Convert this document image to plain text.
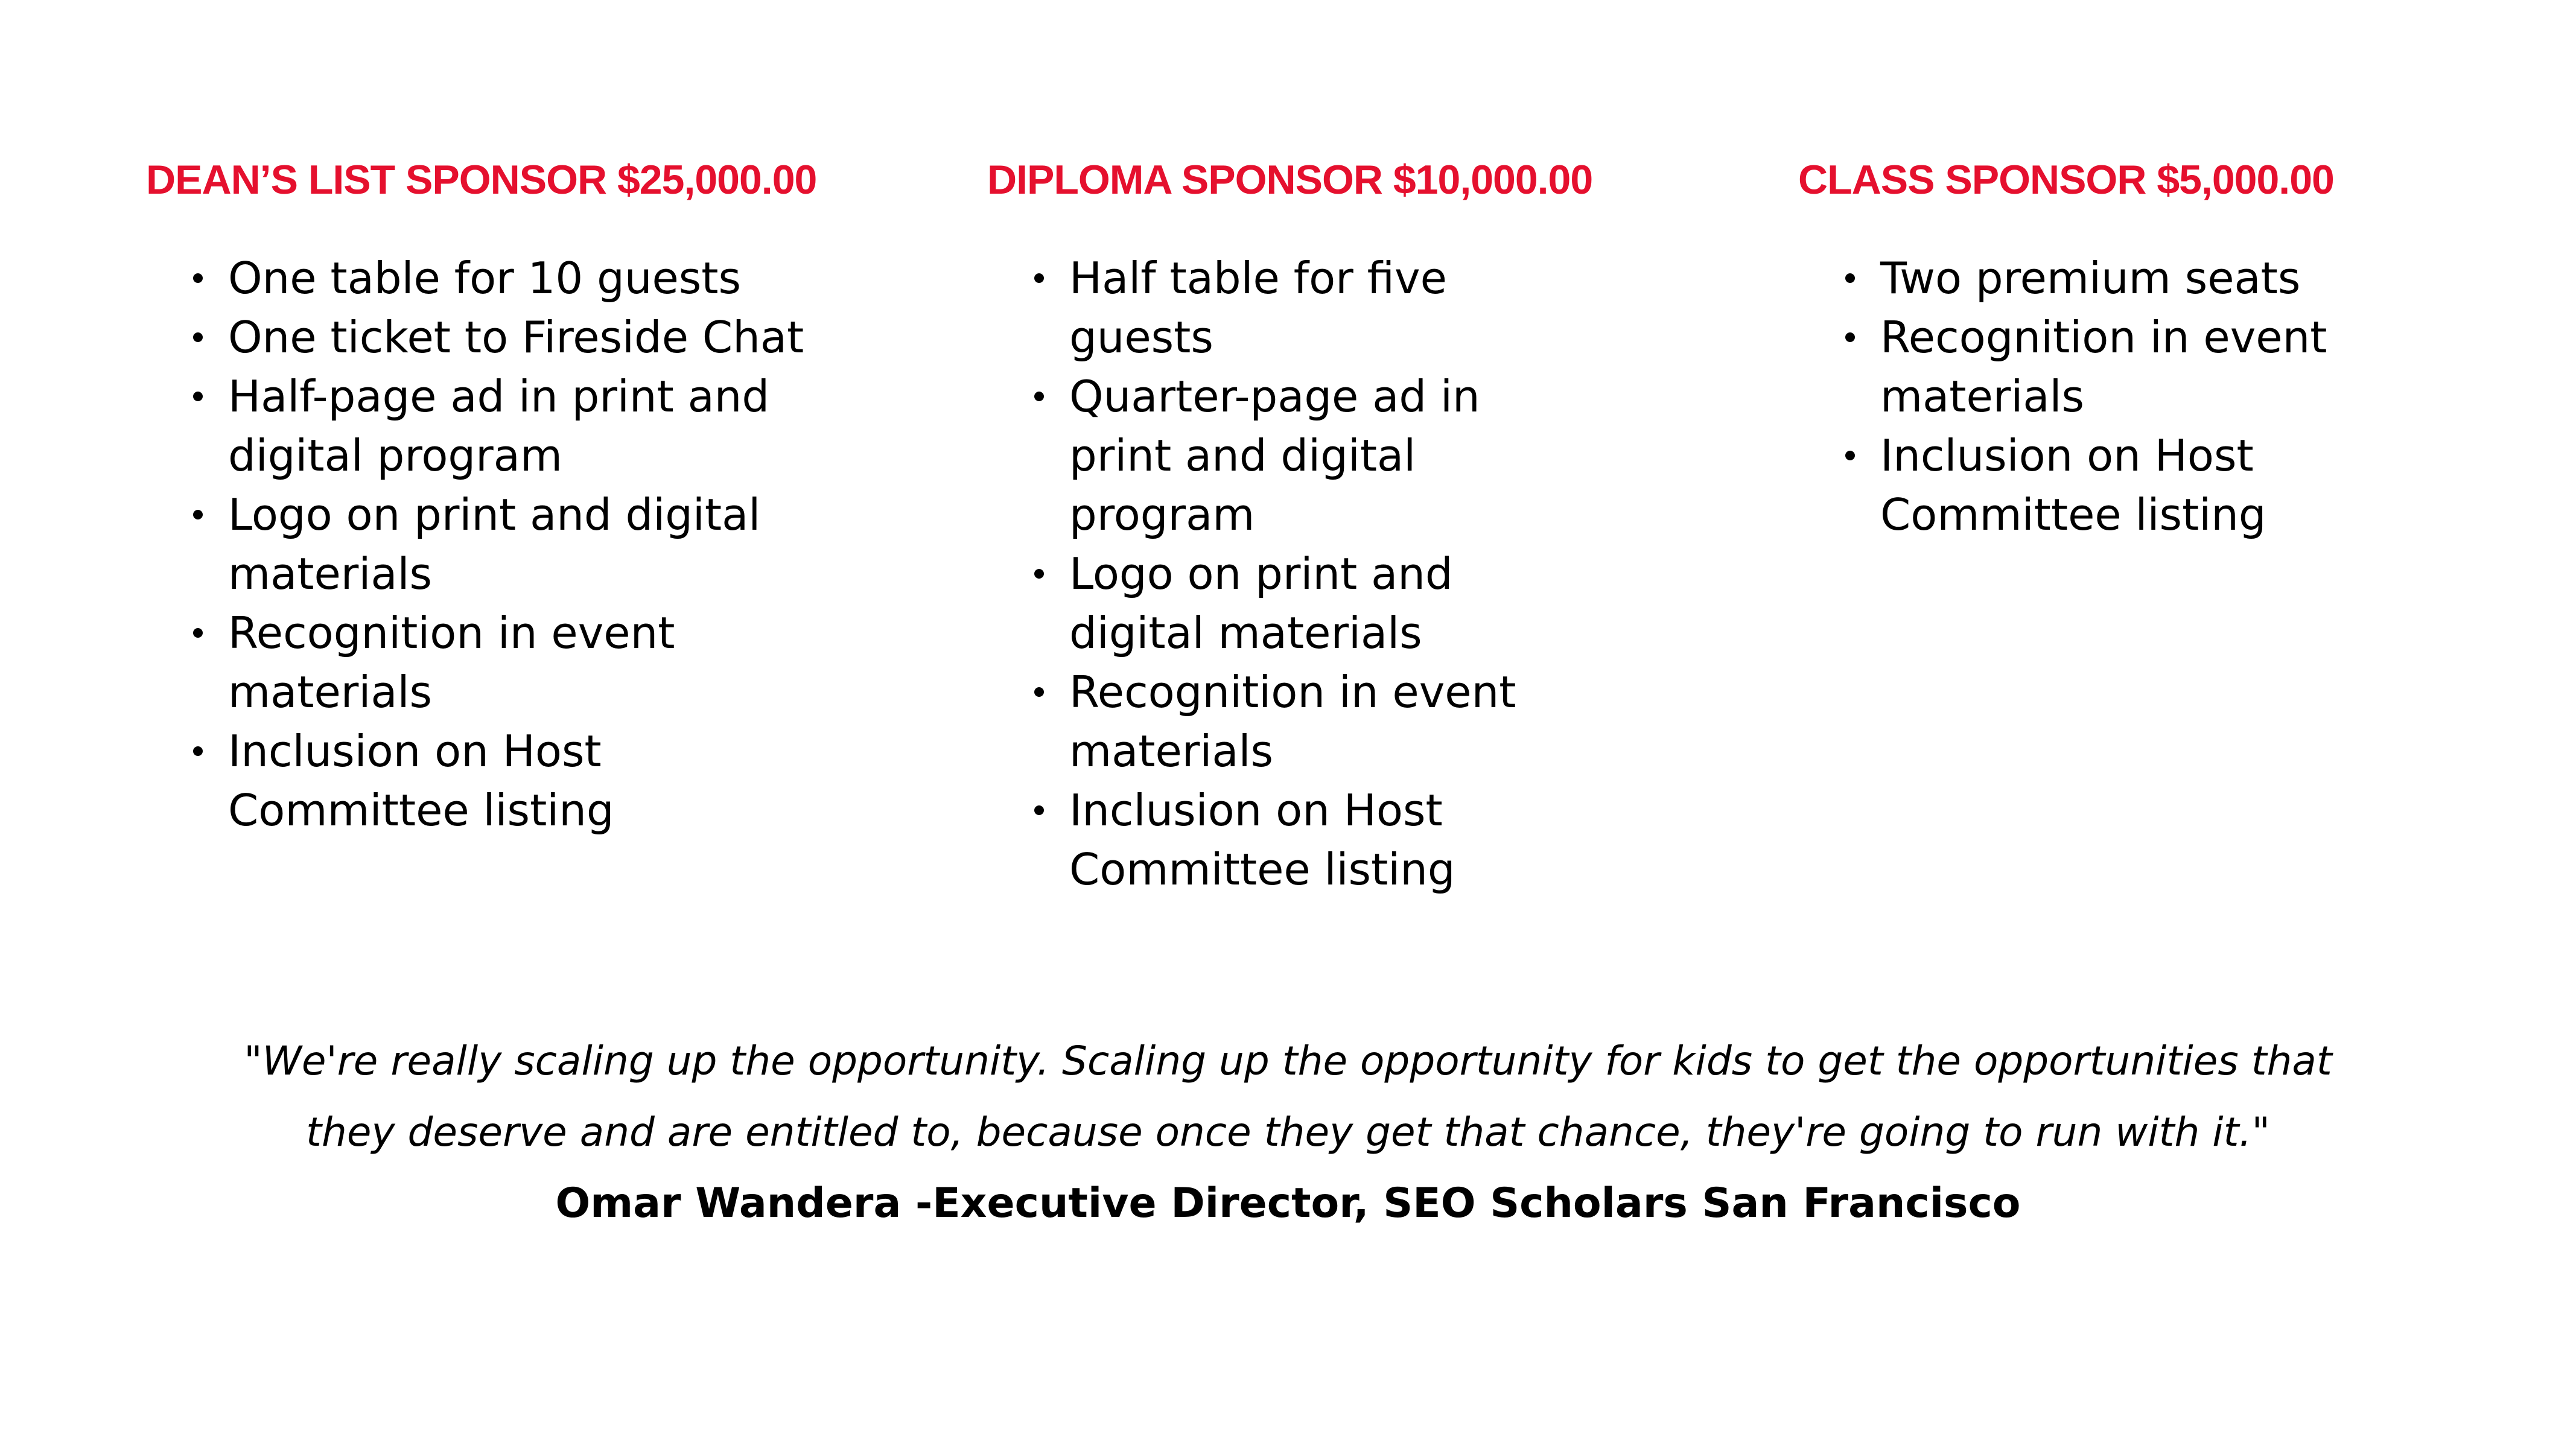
DEAN’S LIST SPONSOR $25,000.00
One table for 10 guests
One ticket to Fireside Chat
Half-page ad in print and digital program
Logo on print and digital materials
Recognition in event materials
Inclusion on Host Committee listing
DIPLOMA SPONSOR $10,000.00
Half table for five guests
Quarter-page ad in print and digital program
Logo on print and digital materials
Recognition in event materials
Inclusion on Host Committee listing
CLASS SPONSOR $5,000.00
Two premium seats
Recognition in event materials
Inclusion on Host Committee listing

"We're really scaling up the opportunity. Scaling up the opportunity for kids to get the opportunities that they deserve and are entitled to, because once they get that chance, they're going to run with it."

Omar Wandera -Executive Director, SEO Scholars San Francisco
